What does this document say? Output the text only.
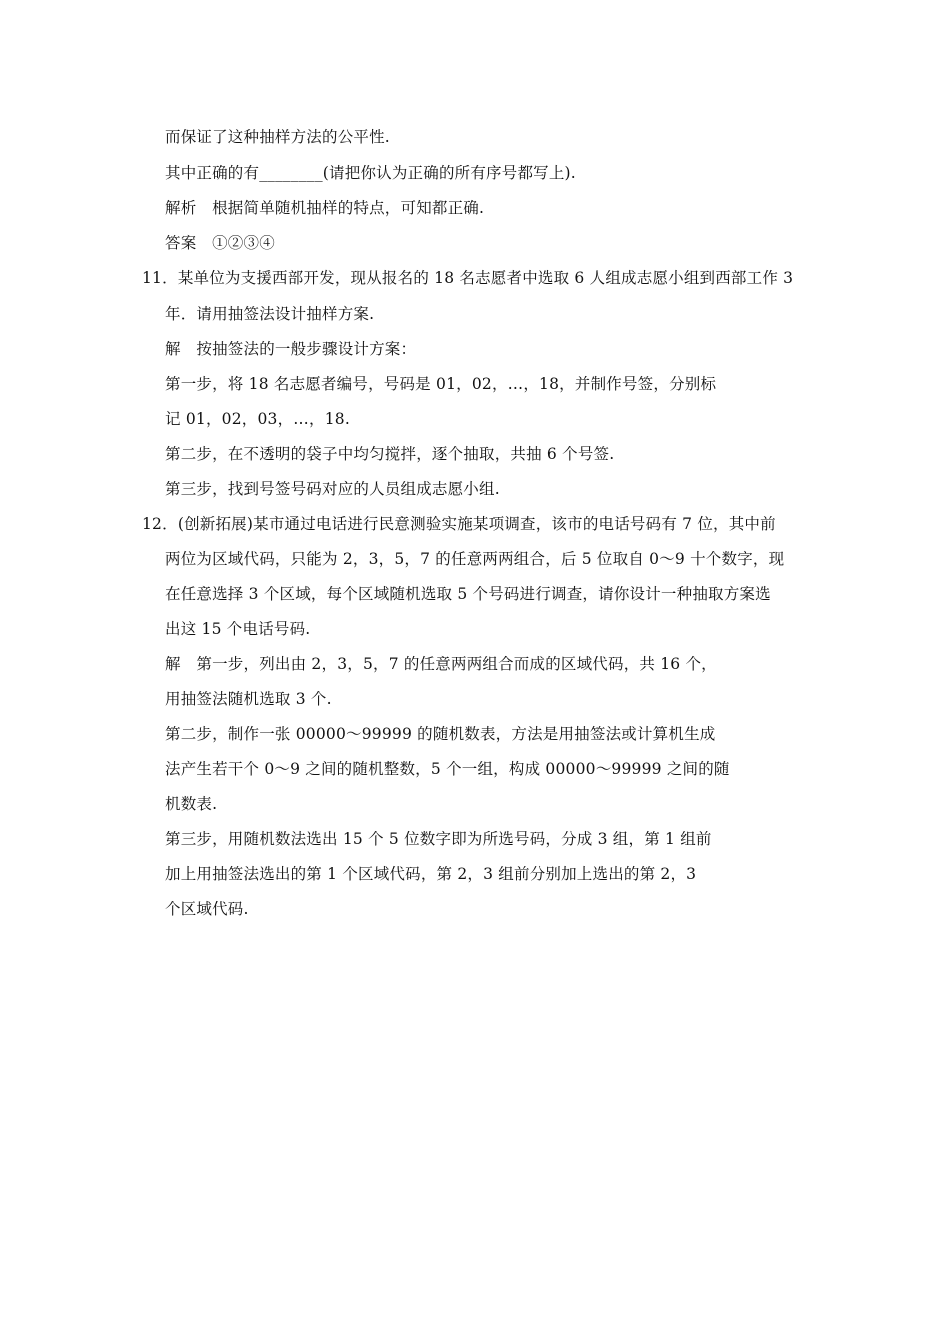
而保证了这种抽样方法的公平性.
其中正确的有________(请把你认为正确的所有序号都写上).
解析　根据简单随机抽样的特点，可知都正确.
答案　①②③④
11．某单位为支援西部开发，现从报名的 18 名志愿者中选取 6 人组成志愿小组到西部工作 3
年．请用抽签法设计抽样方案.
解　按抽签法的一般步骤设计方案：
第一步，将 18 名志愿者编号，号码是 01，02，…，18，并制作号签，分别标
记 01，02，03，…，18.
第二步，在不透明的袋子中均匀搅拌，逐个抽取，共抽 6 个号签.
第三步，找到号签号码对应的人员组成志愿小组.
12．(创新拓展)某市通过电话进行民意测验实施某项调查，该市的电话号码有 7 位，其中前
两位为区域代码，只能为 2，3，5，7 的任意两两组合，后 5 位取自 0～9 十个数字，现
在任意选择 3 个区域，每个区域随机选取 5 个号码进行调查，请你设计一种抽取方案选
出这 15 个电话号码.
解　第一步，列出由 2，3，5，7 的任意两两组合而成的区域代码，共 16 个，
用抽签法随机选取 3 个.
第二步，制作一张 00000～99999 的随机数表，方法是用抽签法或计算机生成
法产生若干个 0～9 之间的随机整数，5 个一组，构成 00000～99999 之间的随
机数表.
第三步，用随机数法选出 15 个 5 位数字即为所选号码，分成 3 组，第 1 组前
加上用抽签法选出的第 1 个区域代码，第 2，3 组前分别加上选出的第 2，3
个区域代码.
